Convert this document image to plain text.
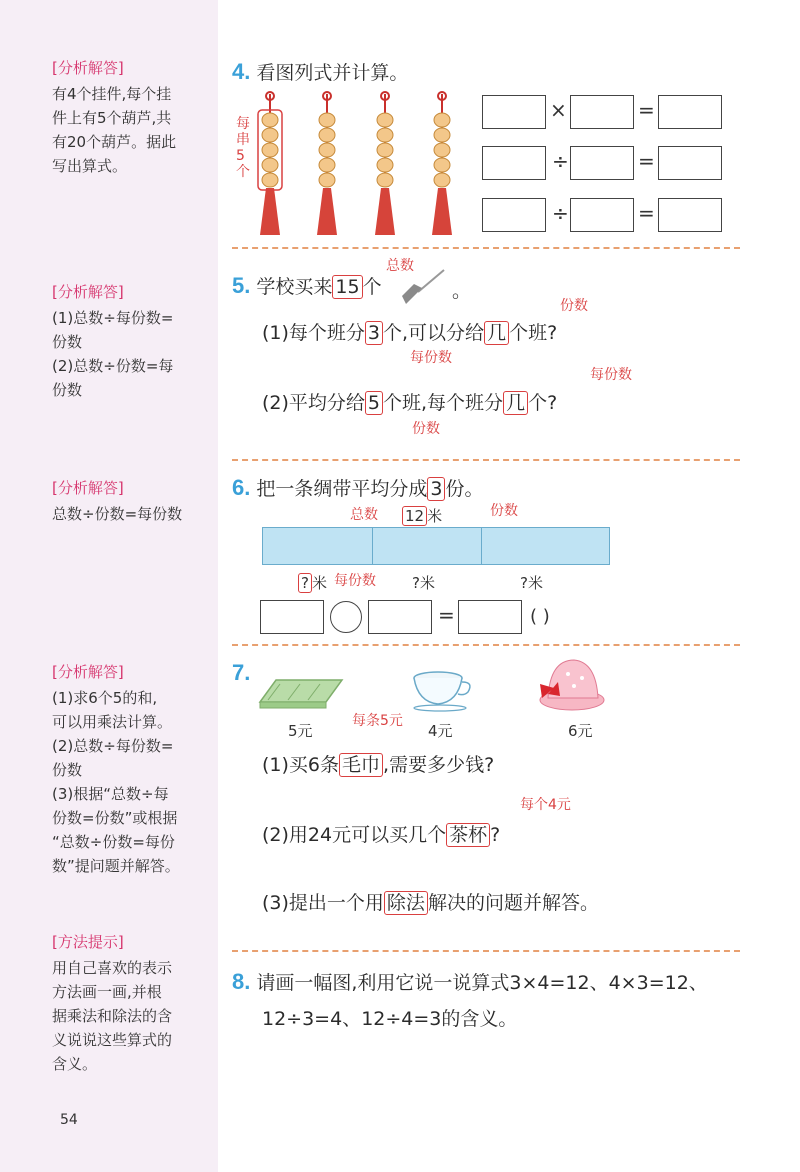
[分析解答]
有4个挂件,每个挂
件上有5个葫芦,共
有20个葫芦。据此
写出算式。
[分析解答]
(1)总数÷每份数=
份数
(2)总数÷份数=每
份数
[分析解答]
总数÷份数=每份数
[分析解答]
(1)求6个5的和,
可以用乘法计算。
(2)总数÷每份数=
份数
(3)根据“总数÷每
份数=份数”或根据
“总数÷份数=每份
数”提问题并解答。
[方法提示]
用自己喜欢的表示
方法画一画,并根
据乘法和除法的含
义说说这些算式的
含义。
54
4. 看图列式并计算。
每
串
5
个
×	=
÷	=
÷	=
总数
5. 学校买来 15 个	。
份数
(1)每个班分 3 个,可以分给 几 个班?
每份数
每份数
(2)平均分给 5 个班,每个班分 几 个?
份数
6. 把一条绸带平均分成 3 份。
总数 12 米	份数
? 米 每份数 ?米	?米
=	( )
7.
5元
每条5元
4元	6元
(1)买6条 毛巾 ,需要多少钱?
每个4元
(2)用24元可以买几个 茶杯 ?
(3)提出一个用 除法 解决的问题并解答。
8. 请画一幅图,利用它说一说算式3×4=12、4×3=12、
12÷3=4、12÷4=3的含义。
